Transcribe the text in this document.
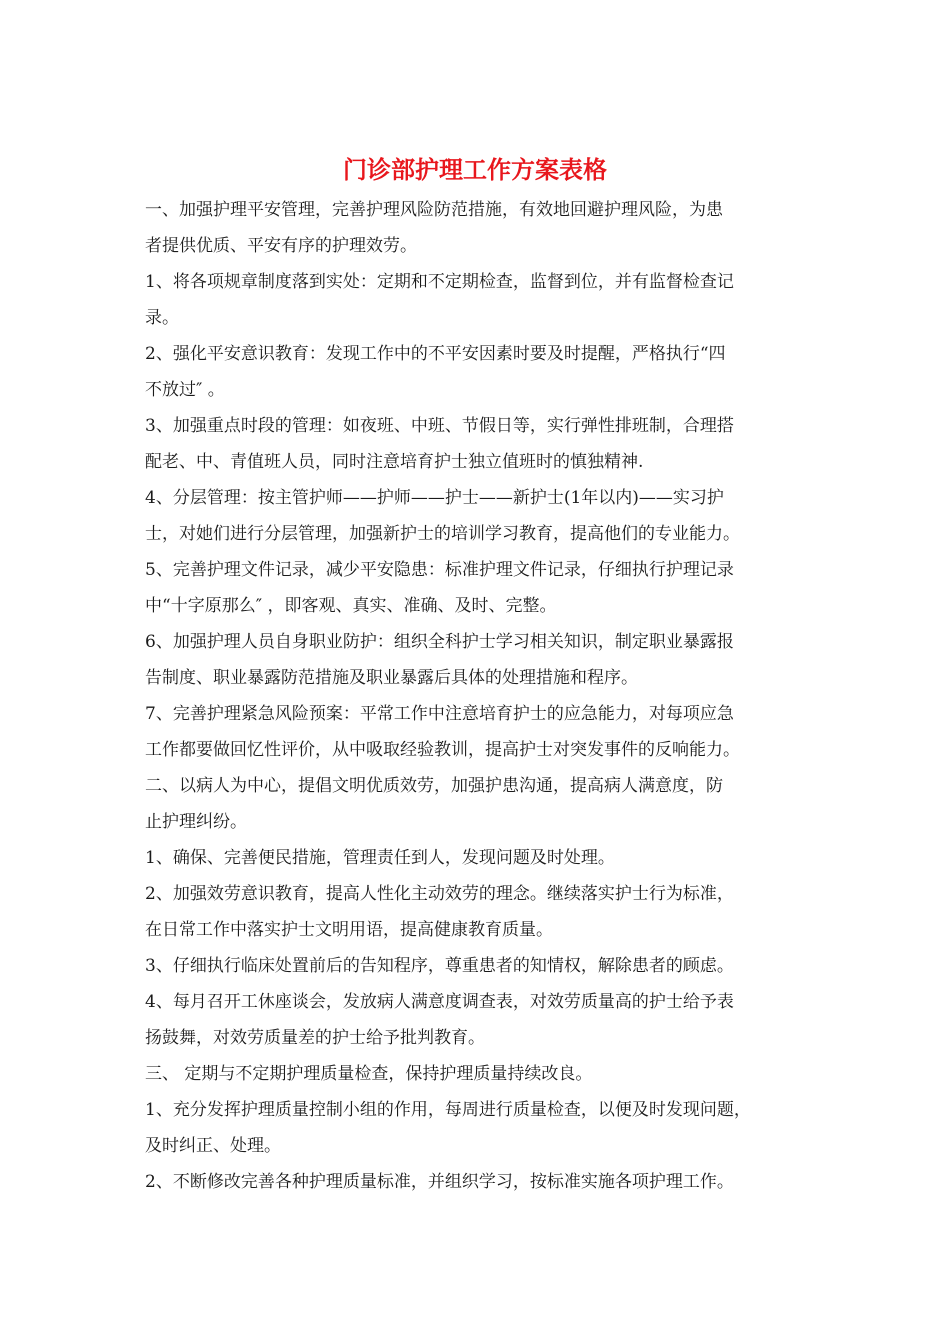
门诊部护理工作方案表格
一、加强护理平安管理，完善护理风险防范措施，有效地回避护理风险，为患
者提供优质、平安有序的护理效劳。
1、将各项规章制度落到实处：定期和不定期检查，监督到位，并有监督检查记
录。
2、强化平安意识教育：发现工作中的不平安因素时要及时提醒，严格执行“四
不放过″ 。
3、加强重点时段的管理：如夜班、中班、节假日等，实行弹性排班制，合理搭
配老、中、青值班人员，同时注意培育护士独立值班时的慎独精神.
4、分层管理：按主管护师——护师——护士——新护士(1年以内)——实习护
士，对她们进行分层管理，加强新护士的培训学习教育，提高他们的专业能力。
5、完善护理文件记录，减少平安隐患：标准护理文件记录，仔细执行护理记录
中“十字原那么″ ，即客观、真实、准确、及时、完整。
6、加强护理人员自身职业防护：组织全科护士学习相关知识，制定职业暴露报
告制度、职业暴露防范措施及职业暴露后具体的处理措施和程序。
7、完善护理紧急风险预案：平常工作中注意培育护士的应急能力，对每项应急
工作都要做回忆性评价，从中吸取经验教训，提高护士对突发事件的反响能力。
二、以病人为中心，提倡文明优质效劳，加强护患沟通，提高病人满意度，防
止护理纠纷。
1、确保、完善便民措施，管理责任到人，发现问题及时处理。
2、加强效劳意识教育，提高人性化主动效劳的理念。继续落实护士行为标准，
在日常工作中落实护士文明用语，提高健康教育质量。
3、仔细执行临床处置前后的告知程序，尊重患者的知情权，解除患者的顾虑。
4、每月召开工休座谈会，发放病人满意度调查表，对效劳质量高的护士给予表
扬鼓舞，对效劳质量差的护士给予批判教育。
三、 定期与不定期护理质量检查，保持护理质量持续改良。
1、充分发挥护理质量控制小组的作用，每周进行质量检查，以便及时发现问题，
及时纠正、处理。
2、不断修改完善各种护理质量标准，并组织学习，按标准实施各项护理工作。
